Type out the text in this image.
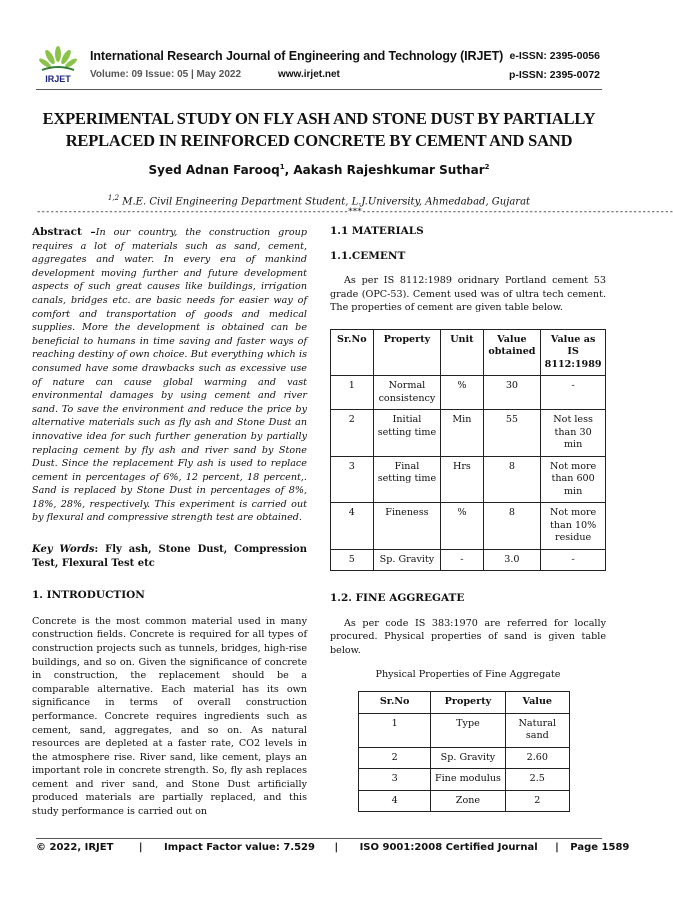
IRJET
International Research Journal of Engineering and Technology (IRJET) e-ISSN: 2395-0056
Volume: 09 Issue: 05 | May 2022	www.irjet.net	p-ISSN: 2395-0072
EXPERIMENTAL STUDY ON FLY ASH AND STONE DUST BY PARTIALLY REPLACED IN REINFORCED CONCRETE BY CEMENT AND SAND
Syed Adnan Farooq$^1$, Aakash Rajeshkumar Suthar$^2$
$^{1,2}$ M.E. Civil Engineering Department Student, L.J.University, Ahmedabad, Gujarat
---------------------------------------------------------------------***---------------------------------------------------------------------

Abstract –In our country, the construction group requires a lot of materials such as sand, cement, aggregates and water. In every era of mankind development moving further and future development aspects of such great causes like buildings, irrigation canals, bridges etc. are basic needs for easier way of comfort and transportation of goods and medical supplies. More the development is obtained can be beneficial to humans in time saving and faster ways of reaching destiny of own choice. But everything which is consumed have some drawbacks such as excessive use of nature can cause global warming and vast environmental damages by using cement and river sand. To save the environment and reduce the price by alternative materials such as fly ash and Stone Dust an innovative idea for such further generation by partially replacing cement by fly ash and river sand by Stone Dust. Since the replacement Fly ash is used to replace cement in percentages of 6%, 12 percent, 18 percent,. Sand is replaced by Stone Dust in percentages of 8%, 18%, 28%, respectively. This experiment is carried out by flexural and compressive strength test are obtained.

Key Words: Fly ash, Stone Dust, Compression Test, Flexural Test etc

1. INTRODUCTION

Concrete is the most common material used in many construction fields. Concrete is required for all types of construction projects such as tunnels, bridges, high-rise buildings, and so on. Given the significance of concrete in construction, the replacement should be a comparable alternative. Each material has its own significance in terms of overall construction performance. Concrete requires ingredients such as cement, sand, aggregates, and so on. As natural resources are depleted at a faster rate, CO2 levels in the atmosphere rise. River sand, like cement, plays an important role in concrete strength. So, fly ash replaces cement and river sand, and Stone Dust artificially produced materials are partially replaced, and this study performance is carried out on

1.1 MATERIALS
1.1.CEMENT

As per IS 8112:1989 oridnary Portland cement 53 grade (OPC-53). Cement used was of ultra tech cement. The properties of cement are given table below.

Sr.No	Property	Unit	Value obtained	Value as IS 8112:1989
1	Normal consistency	%	30	-
2	Initial setting time	Min	55	Not less than 30 min
3	Final setting time	Hrs	8	Not more than 600 min
4	Fineness	%	8	Not more than 10% residue
5	Sp. Gravity	-	3.0	-
1.2. FINE AGGREGATE

As per code IS 383:1970 are referred for locally procured. Physical properties of sand is given table below.

Physical Properties of Fine Aggregate

Sr.No	Property	Value
1	Type	Natural sand
2	Sp. Gravity	2.60
3	Fine modulus	2.5
4	Zone	2
© 2022, IRJET	| Impact Factor value: 7.529 | ISO 9001:2008 Certified Journal | Page 1589
